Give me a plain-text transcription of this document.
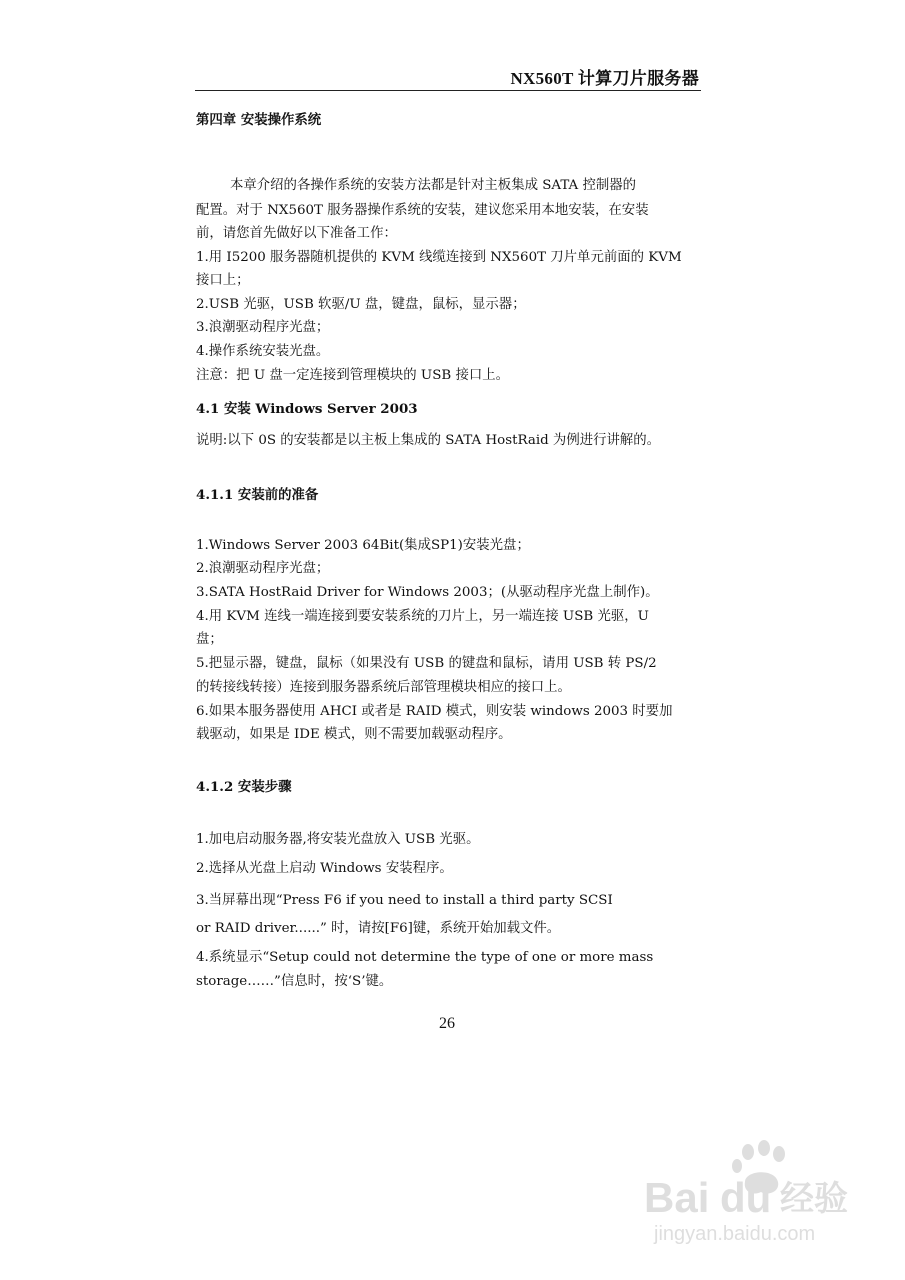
NX560T 计算刀片服务器
第四章 安装操作系统
本章介绍的各操作系统的安装方法都是针对主板集成 SATA 控制器的
配置。对于 NX560T 服务器操作系统的安装，建议您采用本地安装，在安装
前，请您首先做好以下准备工作：
1.用 I5200 服务器随机提供的 KVM 线缆连接到 NX560T 刀片单元前面的 KVM
接口上；
2.USB 光驱，USB 软驱/U 盘，键盘，鼠标，显示器；
3.浪潮驱动程序光盘；
4.操作系统安装光盘。
注意：把 U 盘一定连接到管理模块的 USB 接口上。
4.1 安装 Windows Server 2003
说明:以下 0S 的安装都是以主板上集成的 SATA HostRaid 为例进行讲解的。
4.1.1 安装前的准备
1.Windows Server 2003 64Bit(集成SP1)安装光盘；
2.浪潮驱动程序光盘；
3.SATA HostRaid Driver for Windows 2003；(从驱动程序光盘上制作)。
4.用 KVM 连线一端连接到要安装系统的刀片上，另一端连接 USB 光驱，U
盘；
5.把显示器，键盘，鼠标（如果没有 USB 的键盘和鼠标，请用 USB 转 PS/2
的转接线转接）连接到服务器系统后部管理模块相应的接口上。
6.如果本服务器使用 AHCI 或者是 RAID 模式，则安装 windows 2003 时要加
载驱动，如果是 IDE 模式，则不需要加载驱动程序。
4.1.2 安装步骤
1.加电启动服务器,将安装光盘放入 USB 光驱。
2.选择从光盘上启动 Windows 安装程序。
3.当屏幕出现“Press F6 if you need to install a third party SCSI
or RAID driver......” 时，请按[F6]键，系统开始加载文件。
4.系统显示“Setup could not determine the type of one or more mass
storage……”信息时，按‘S’键。
26
Bai du 经验
jingyan.baidu.com
